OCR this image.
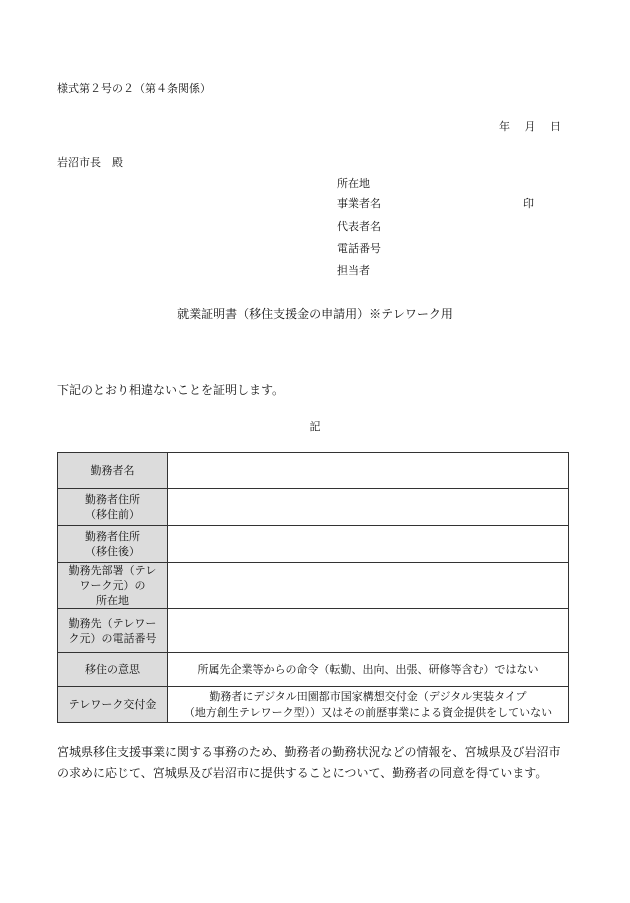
様式第２号の２（第４条関係）
年 月 日
岩沼市長　殿
所在地
事業者名	印
代表者名
電話番号
担当者
就業証明書（移住支援金の申請用）※テレワーク用
下記のとおり相違ないことを証明します。
記
勤務者名	

勤務者住所
（移住前）	

勤務者住所
（移住後）	

勤務先部署（テレ
ワーク元）の
所在地	

勤務先（テレワー
ク元）の電話番号	

移住の意思	所属先企業等からの命令（転勤、出向、出張、研修等含む）ではない

テレワーク交付金	勤務者にデジタル田園都市国家構想交付金（デジタル実装タイプ
（地方創生テレワーク型））又はその前歴事業による資金提供をしていない
宮城県移住支援事業に関する事務のため、勤務者の勤務状況などの情報を、宮城県及び岩沼市
の求めに応じて、宮城県及び岩沼市に提供することについて、勤務者の同意を得ています。
